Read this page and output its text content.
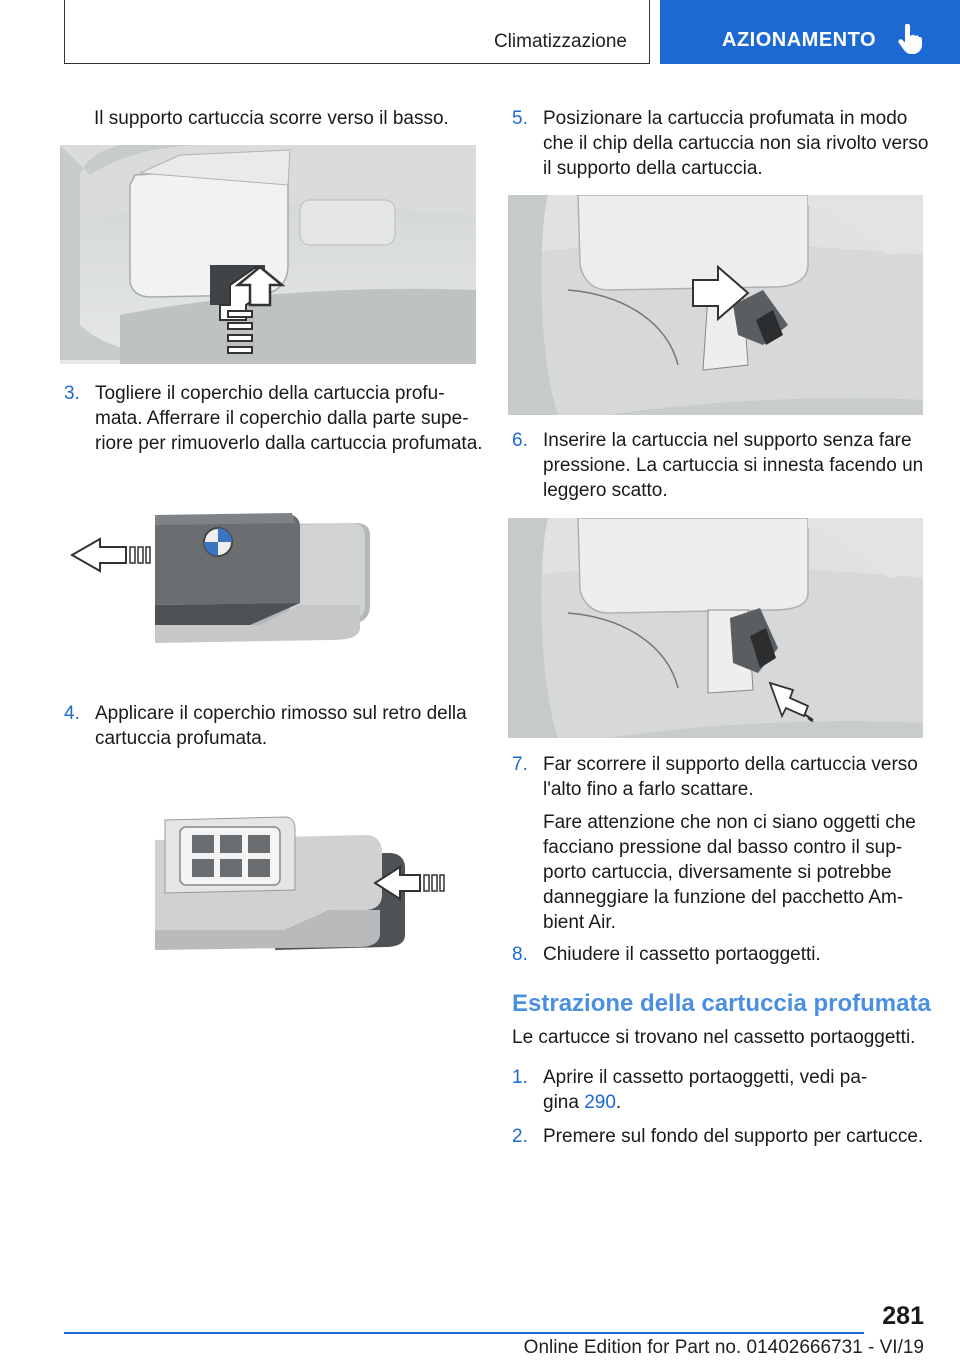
Climatizzazione	AZIONAMENTO
Il supporto cartuccia scorre verso il basso.
3. Togliere il coperchio della cartuccia profu-
mata. Afferrare il coperchio dalla parte supe-
riore per rimuoverlo dalla cartuccia profumata.
4. Applicare il coperchio rimosso sul retro della
cartuccia profumata.
5. Posizionare la cartuccia profumata in modo
che il chip della cartuccia non sia rivolto verso
il supporto della cartuccia.
6. Inserire la cartuccia nel supporto senza fare
pressione. La cartuccia si innesta facendo un
leggero scatto.
7. Far scorrere il supporto della cartuccia verso
l'alto fino a farlo scattare.
Fare attenzione che non ci siano oggetti che
facciano pressione dal basso contro il sup-
porto cartuccia, diversamente si potrebbe
danneggiare la funzione del pacchetto Am-
bient Air.
8. Chiudere il cassetto portaoggetti.
Estrazione della cartuccia profumata
Le cartucce si trovano nel cassetto portaoggetti.
1. Aprire il cassetto portaoggetti, vedi pa-
gina 290.
2. Premere sul fondo del supporto per cartucce.
281
Online Edition for Part no. 01402666731 - VI/19
